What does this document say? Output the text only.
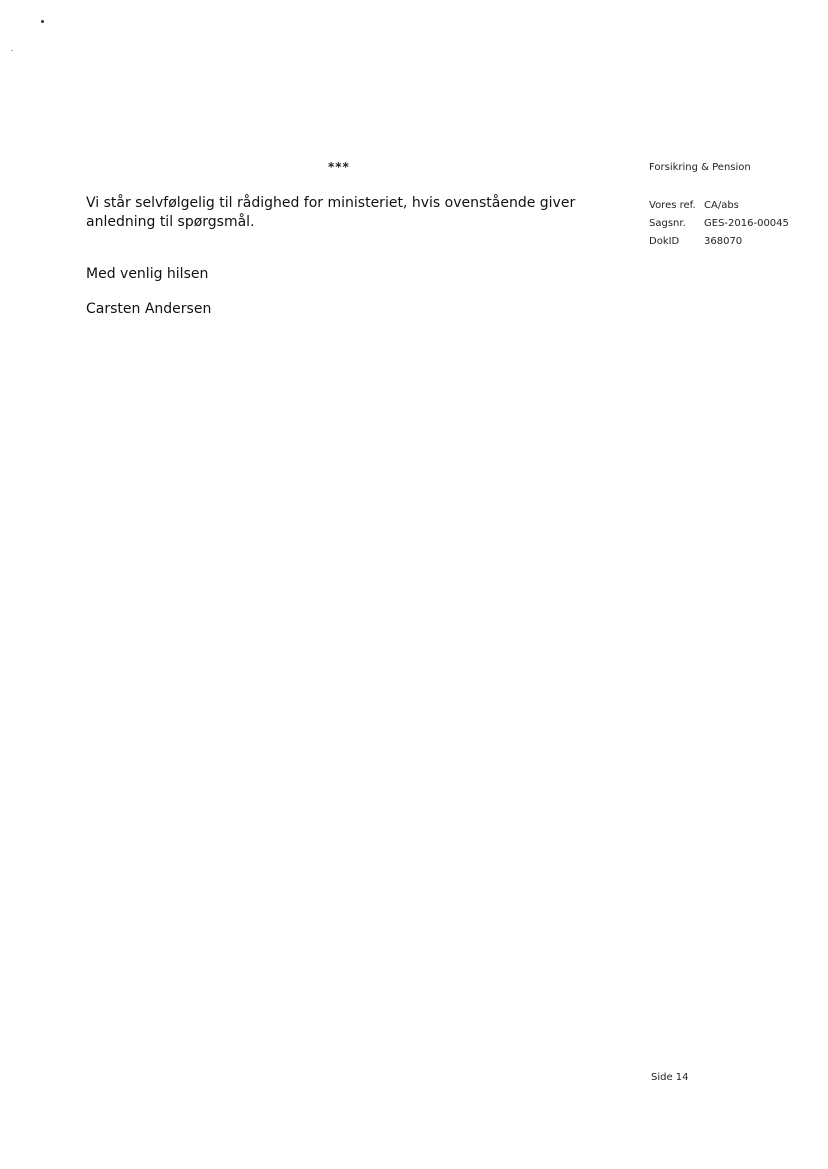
***	Forsikring & Pension
Vores ref. CA/abs
Sagsnr.	GES-2016-00045
DokID	368070
Vi står selvfølgelig til rådighed for ministeriet, hvis ovenstående giver anledning til spørgsmål.
Med venlig hilsen
Carsten Andersen
Side 14
